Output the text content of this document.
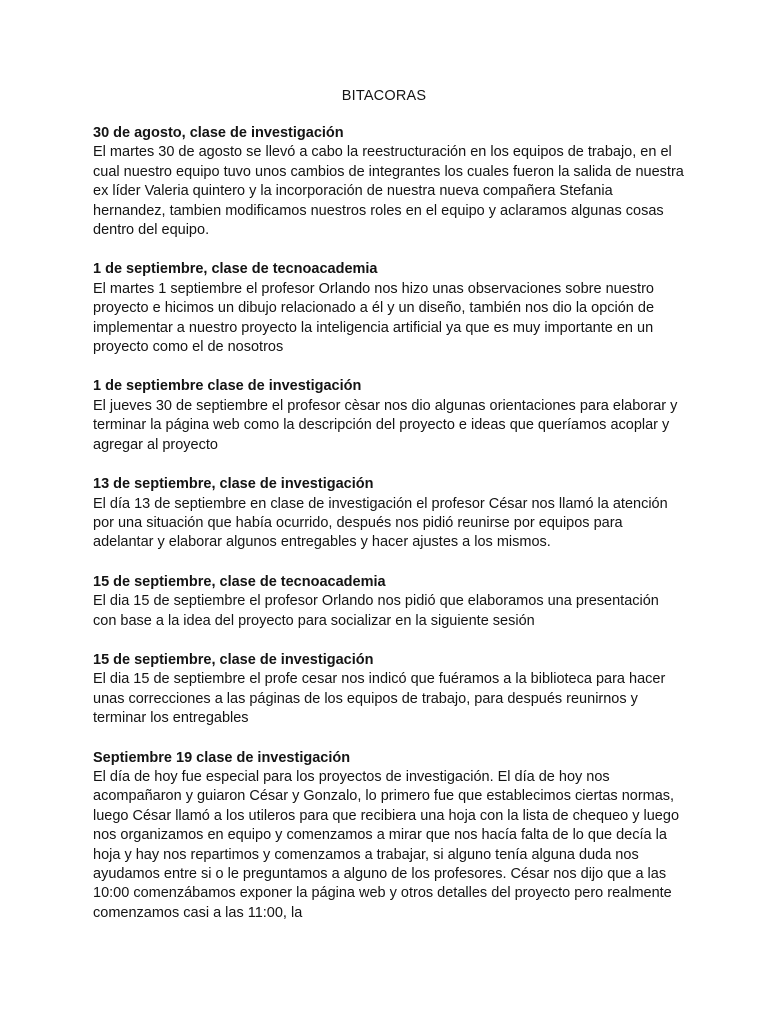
BITACORAS

30 de agosto, clase de investigación

El martes 30 de agosto se llevó a cabo la reestructuración en los equipos de trabajo, en el cual nuestro equipo tuvo unos cambios de integrantes los cuales fueron la salida de nuestra ex líder Valeria quintero y la incorporación de nuestra nueva compañera Stefania hernandez, tambien modificamos nuestros roles en el equipo y aclaramos algunas cosas dentro del equipo.

1 de septiembre, clase de tecnoacademia

El martes 1 septiembre el profesor Orlando nos hizo unas observaciones sobre nuestro proyecto e hicimos un dibujo relacionado a él y un diseño, también nos dio la opción de implementar a nuestro proyecto la inteligencia artificial ya que es muy importante en un proyecto como el de nosotros

1 de septiembre clase de investigación

El jueves 30 de septiembre el profesor cèsar nos dio algunas orientaciones para elaborar y terminar la página web como la descripción del proyecto e ideas que queríamos acoplar y agregar al proyecto

13 de septiembre, clase de investigación

El día 13 de septiembre en clase de investigación el profesor César nos llamó la atención por una situación que había ocurrido, después nos pidió reunirse por equipos para adelantar y elaborar algunos entregables y hacer ajustes a los mismos.

15 de septiembre, clase de tecnoacademia

El dia 15 de septiembre el profesor Orlando nos pidió que elaboramos una presentación con base a la idea del proyecto para socializar en la siguiente sesión

15 de septiembre, clase de investigación

El dia 15 de septiembre el profe cesar nos indicó que fuéramos a la biblioteca para hacer unas correcciones a las páginas de los equipos de trabajo, para después reunirnos y terminar los entregables

Septiembre 19 clase de investigación

El día de hoy fue especial para los proyectos de investigación. El día de hoy nos acompañaron y guiaron César y Gonzalo, lo primero fue que establecimos ciertas normas, luego César llamó a los utileros para que recibiera una hoja con la lista de chequeo y luego nos organizamos en equipo y comenzamos a mirar que nos hacía falta de lo que decía la hoja y hay nos repartimos y comenzamos a trabajar, si alguno tenía alguna duda nos ayudamos entre si o le preguntamos a alguno de los profesores. César nos dijo que a las 10:00 comenzábamos exponer la página web y otros detalles del proyecto pero realmente comenzamos casi a las 11:00, la
